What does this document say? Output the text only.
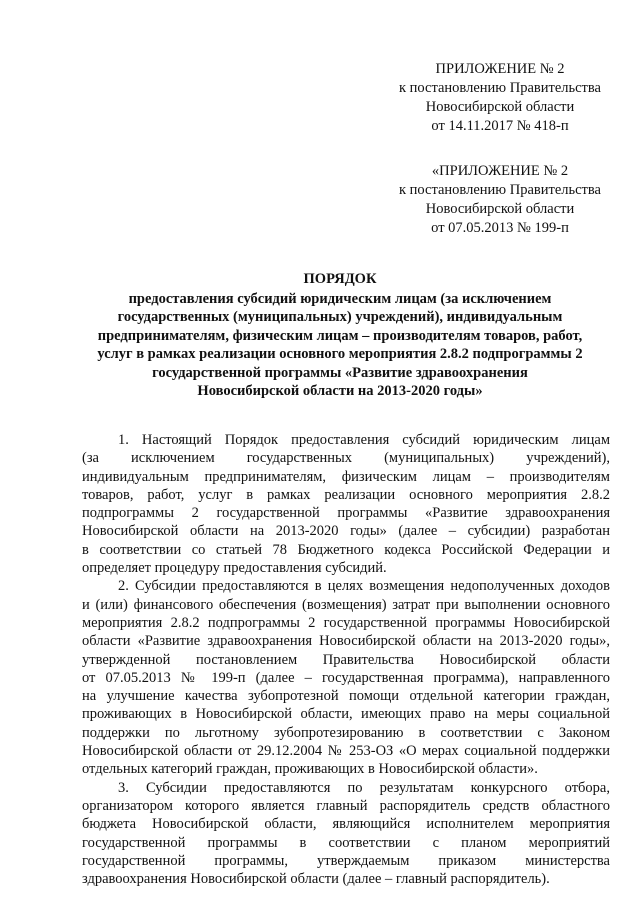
ПРИЛОЖЕНИЕ № 2
к постановлению Правительства
Новосибирской области
от 14.11.2017 № 418-п
«ПРИЛОЖЕНИЕ № 2
к постановлению Правительства
Новосибирской области
от 07.05.2013 № 199-п
ПОРЯДОК
предоставления субсидий юридическим лицам (за исключением
государственных (муниципальных) учреждений), индивидуальным
предпринимателям, физическим лицам – производителям товаров, работ,
услуг в рамках реализации основного мероприятия 2.8.2 подпрограммы 2
государственной программы «Развитие здравоохранения
Новосибирской области на 2013-2020 годы»
1. Настоящий Порядок предоставления субсидий юридическим лицам
(за исключением государственных (муниципальных) учреждений),
индивидуальным предпринимателям, физическим лицам – производителям
товаров, работ, услуг в рамках реализации основного мероприятия 2.8.2
подпрограммы 2 государственной программы «Развитие здравоохранения
Новосибирской области на 2013-2020 годы» (далее – субсидии) разработан
в соответствии со статьей 78 Бюджетного кодекса Российской Федерации и
определяет процедуру предоставления субсидий.
2. Субсидии предоставляются в целях возмещения недополученных доходов
и (или) финансового обеспечения (возмещения) затрат при выполнении основного
мероприятия 2.8.2 подпрограммы 2 государственной программы Новосибирской
области «Развитие здравоохранения Новосибирской области на 2013-2020 годы»,
утвержденной постановлением Правительства Новосибирской области
от 07.05.2013 № 199-п (далее – государственная программа), направленного
на улучшение качества зубопротезной помощи отдельной категории граждан,
проживающих в Новосибирской области, имеющих право на меры социальной
поддержки по льготному зубопротезированию в соответствии с Законом
Новосибирской области от 29.12.2004 № 253-ОЗ «О мерах социальной поддержки
отдельных категорий граждан, проживающих в Новосибирской области».
3. Субсидии предоставляются по результатам конкурсного отбора,
организатором которого является главный распорядитель средств областного
бюджета Новосибирской области, являющийся исполнителем мероприятия
государственной программы в соответствии с планом мероприятий
государственной программы, утверждаемым приказом министерства
здравоохранения Новосибирской области (далее – главный распорядитель).
